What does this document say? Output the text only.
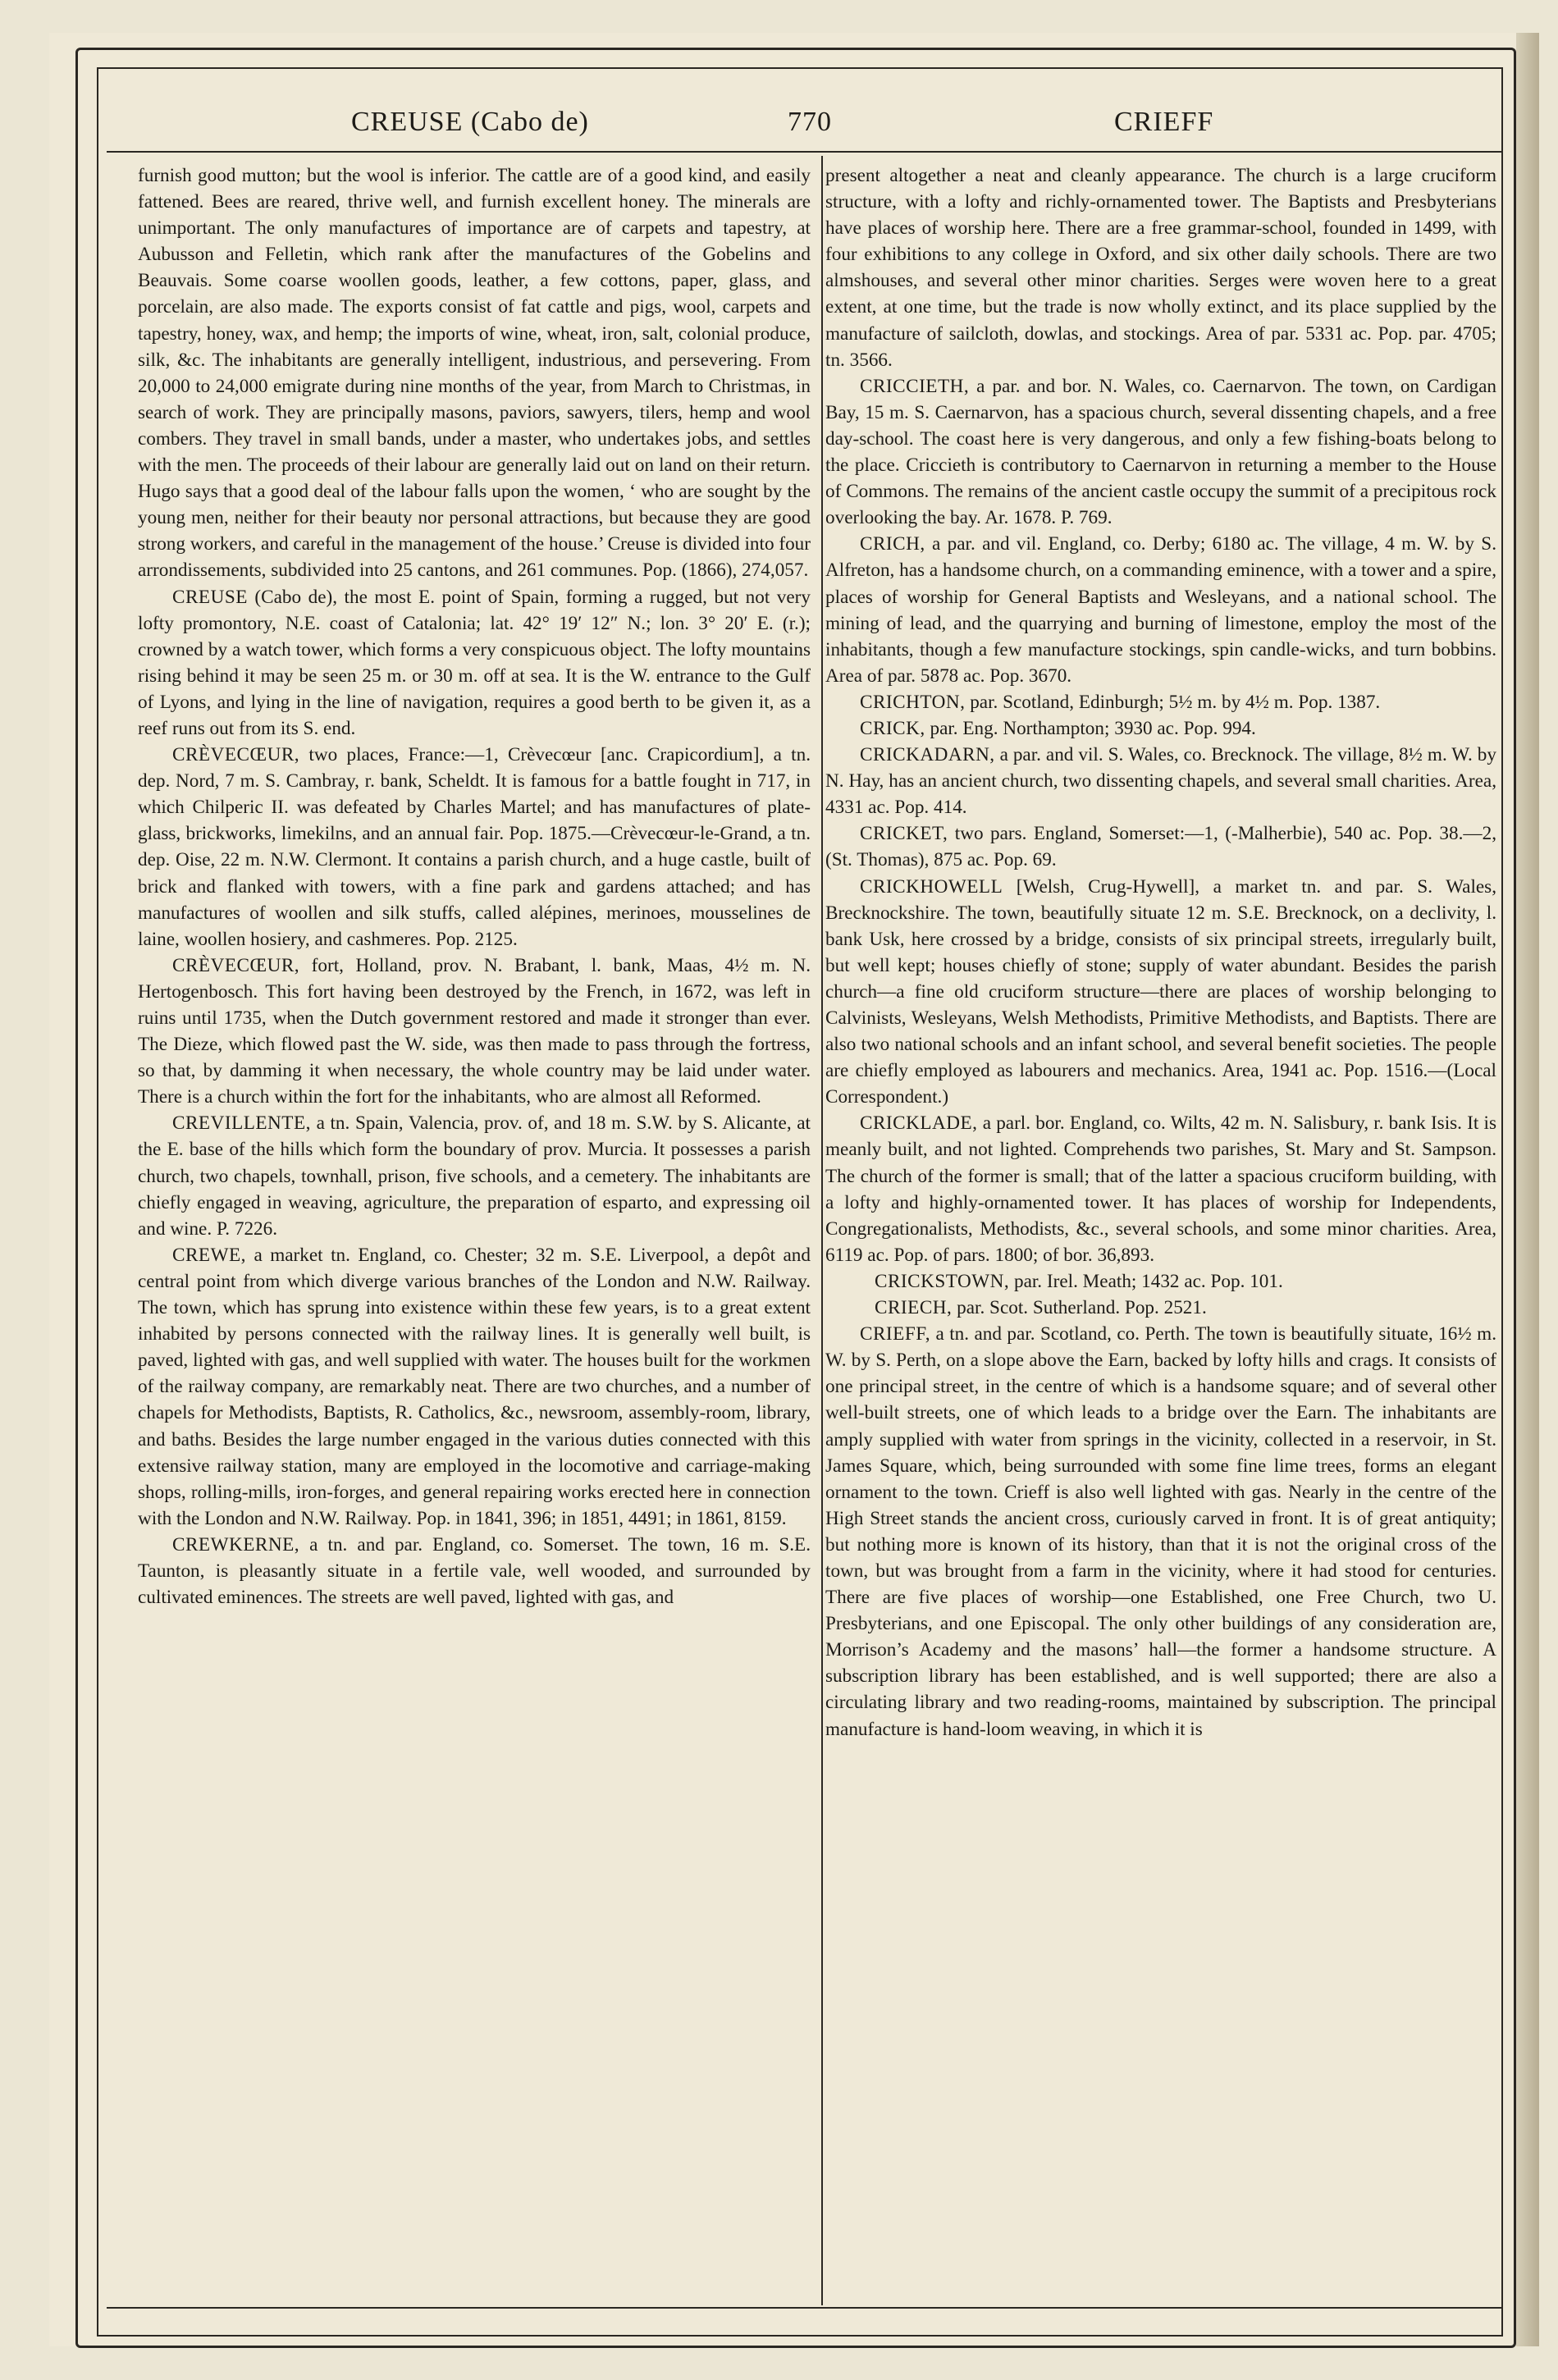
CREUSE (Cabo de)	770	CRIEFF

furnish good mutton; but the wool is inferior. The cattle are of a good kind, and easily fattened. Bees are reared, thrive well, and furnish excellent honey. The minerals are unimportant. The only manufactures of importance are of carpets and tapestry, at Aubusson and Felletin, which rank after the manufactures of the Gobelins and Beauvais. Some coarse woollen goods, leather, a few cottons, paper, glass, and porcelain, are also made. The exports consist of fat cattle and pigs, wool, carpets and tapestry, honey, wax, and hemp; the imports of wine, wheat, iron, salt, colonial produce, silk, &c. The inhabitants are generally intelligent, industrious, and persevering. From 20,000 to 24,000 emigrate during nine months of the year, from March to Christmas, in search of work. They are principally masons, paviors, sawyers, tilers, hemp and wool combers. They travel in small bands, under a master, who undertakes jobs, and settles with the men. The proceeds of their labour are generally laid out on land on their return. Hugo says that a good deal of the labour falls upon the women, ‘ who are sought by the young men, neither for their beauty nor personal attractions, but because they are good strong workers, and careful in the management of the house.’ Creuse is divided into four arrondissements, subdivided into 25 cantons, and 261 communes. Pop. (1866), 274,057.

CREUSE (Cabo de), the most E. point of Spain, forming a rugged, but not very lofty promontory, N.E. coast of Catalonia; lat. 42° 19′ 12″ N.; lon. 3° 20′ E. (r.); crowned by a watch tower, which forms a very conspicuous object. The lofty mountains rising behind it may be seen 25 m. or 30 m. off at sea. It is the W. entrance to the Gulf of Lyons, and lying in the line of navigation, requires a good berth to be given it, as a reef runs out from its S. end.

CRÈVECŒUR, two places, France:—1, Crèvecœur [anc. Crapicordium], a tn. dep. Nord, 7 m. S. Cambray, r. bank, Scheldt. It is famous for a battle fought in 717, in which Chilperic II. was defeated by Charles Martel; and has manufactures of plate-glass, brickworks, limekilns, and an annual fair. Pop. 1875.—Crèvecœur-le-Grand, a tn. dep. Oise, 22 m. N.W. Clermont. It contains a parish church, and a huge castle, built of brick and flanked with towers, with a fine park and gardens attached; and has manufactures of woollen and silk stuffs, called alépines, merinoes, mousselines de laine, woollen hosiery, and cashmeres. Pop. 2125.

CRÈVECŒUR, fort, Holland, prov. N. Brabant, l. bank, Maas, 4½ m. N. Hertogenbosch. This fort having been destroyed by the French, in 1672, was left in ruins until 1735, when the Dutch government restored and made it stronger than ever. The Dieze, which flowed past the W. side, was then made to pass through the fortress, so that, by damming it when necessary, the whole country may be laid under water. There is a church within the fort for the inhabitants, who are almost all Reformed.

CREVILLENTE, a tn. Spain, Valencia, prov. of, and 18 m. S.W. by S. Alicante, at the E. base of the hills which form the boundary of prov. Murcia. It possesses a parish church, two chapels, townhall, prison, five schools, and a cemetery. The inhabitants are chiefly engaged in weaving, agriculture, the preparation of esparto, and expressing oil and wine. P. 7226.

CREWE, a market tn. England, co. Chester; 32 m. S.E. Liverpool, a depôt and central point from which diverge various branches of the London and N.W. Railway. The town, which has sprung into existence within these few years, is to a great extent inhabited by persons connected with the railway lines. It is generally well built, is paved, lighted with gas, and well supplied with water. The houses built for the workmen of the railway company, are remarkably neat. There are two churches, and a number of chapels for Methodists, Baptists, R. Catholics, &c., newsroom, assembly-room, library, and baths. Besides the large number engaged in the various duties connected with this extensive railway station, many are employed in the locomotive and carriage-making shops, rolling-mills, iron-forges, and general repairing works erected here in connection with the London and N.W. Railway. Pop. in 1841, 396; in 1851, 4491; in 1861, 8159.

CREWKERNE, a tn. and par. England, co. Somerset. The town, 16 m. S.E. Taunton, is pleasantly situate in a fertile vale, well wooded, and surrounded by cultivated eminences. The streets are well paved, lighted with gas, and

present altogether a neat and cleanly appearance. The church is a large cruciform structure, with a lofty and richly-ornamented tower. The Baptists and Presbyterians have places of worship here. There are a free grammar-school, founded in 1499, with four exhibitions to any college in Oxford, and six other daily schools. There are two almshouses, and several other minor charities. Serges were woven here to a great extent, at one time, but the trade is now wholly extinct, and its place supplied by the manufacture of sailcloth, dowlas, and stockings. Area of par. 5331 ac. Pop. par. 4705; tn. 3566.

CRICCIETH, a par. and bor. N. Wales, co. Caernarvon. The town, on Cardigan Bay, 15 m. S. Caernarvon, has a spacious church, several dissenting chapels, and a free day-school. The coast here is very dangerous, and only a few fishing-boats belong to the place. Criccieth is contributory to Caernarvon in returning a member to the House of Commons. The remains of the ancient castle occupy the summit of a precipitous rock overlooking the bay. Ar. 1678. P. 769.

CRICH, a par. and vil. England, co. Derby; 6180 ac. The village, 4 m. W. by S. Alfreton, has a handsome church, on a commanding eminence, with a tower and a spire, places of worship for General Baptists and Wesleyans, and a national school. The mining of lead, and the quarrying and burning of limestone, employ the most of the inhabitants, though a few manufacture stockings, spin candle-wicks, and turn bobbins. Area of par. 5878 ac. Pop. 3670.

CRICHTON, par. Scotland, Edinburgh; 5½ m. by 4½ m. Pop. 1387.

CRICK, par. Eng. Northampton; 3930 ac. Pop. 994.

CRICKADARN, a par. and vil. S. Wales, co. Brecknock. The village, 8½ m. W. by N. Hay, has an ancient church, two dissenting chapels, and several small charities. Area, 4331 ac. Pop. 414.

CRICKET, two pars. England, Somerset:—1, (-Malherbie), 540 ac. Pop. 38.—2, (St. Thomas), 875 ac. Pop. 69.

CRICKHOWELL [Welsh, Crug-Hywell], a market tn. and par. S. Wales, Brecknockshire. The town, beautifully situate 12 m. S.E. Brecknock, on a declivity, l. bank Usk, here crossed by a bridge, consists of six principal streets, irregularly built, but well kept; houses chiefly of stone; supply of water abundant. Besides the parish church—a fine old cruciform structure—there are places of worship belonging to Calvinists, Wesleyans, Welsh Methodists, Primitive Methodists, and Baptists. There are also two national schools and an infant school, and several benefit societies. The people are chiefly employed as labourers and mechanics. Area, 1941 ac. Pop. 1516.—(Local Correspondent.)

CRICKLADE, a parl. bor. England, co. Wilts, 42 m. N. Salisbury, r. bank Isis. It is meanly built, and not lighted. Comprehends two parishes, St. Mary and St. Sampson. The church of the former is small; that of the latter a spacious cruciform building, with a lofty and highly-ornamented tower. It has places of worship for Independents, Congregationalists, Methodists, &c., several schools, and some minor charities. Area, 6119 ac. Pop. of pars. 1800; of bor. 36,893.

CRICKSTOWN, par. Irel. Meath; 1432 ac. Pop. 101.

CRIECH, par. Scot. Sutherland. Pop. 2521.

CRIEFF, a tn. and par. Scotland, co. Perth. The town is beautifully situate, 16½ m. W. by S. Perth, on a slope above the Earn, backed by lofty hills and crags. It consists of one principal street, in the centre of which is a handsome square; and of several other well-built streets, one of which leads to a bridge over the Earn. The inhabitants are amply supplied with water from springs in the vicinity, collected in a reservoir, in St. James Square, which, being surrounded with some fine lime trees, forms an elegant ornament to the town. Crieff is also well lighted with gas. Nearly in the centre of the High Street stands the ancient cross, curiously carved in front. It is of great antiquity; but nothing more is known of its history, than that it is not the original cross of the town, but was brought from a farm in the vicinity, where it had stood for centuries. There are five places of worship—one Established, one Free Church, two U. Presbyterians, and one Episcopal. The only other buildings of any consideration are, Morrison’s Academy and the masons’ hall—the former a handsome structure. A subscription library has been established, and is well supported; there are also a circulating library and two reading-rooms, maintained by subscription. The principal manufacture is hand-loom weaving, in which it is
